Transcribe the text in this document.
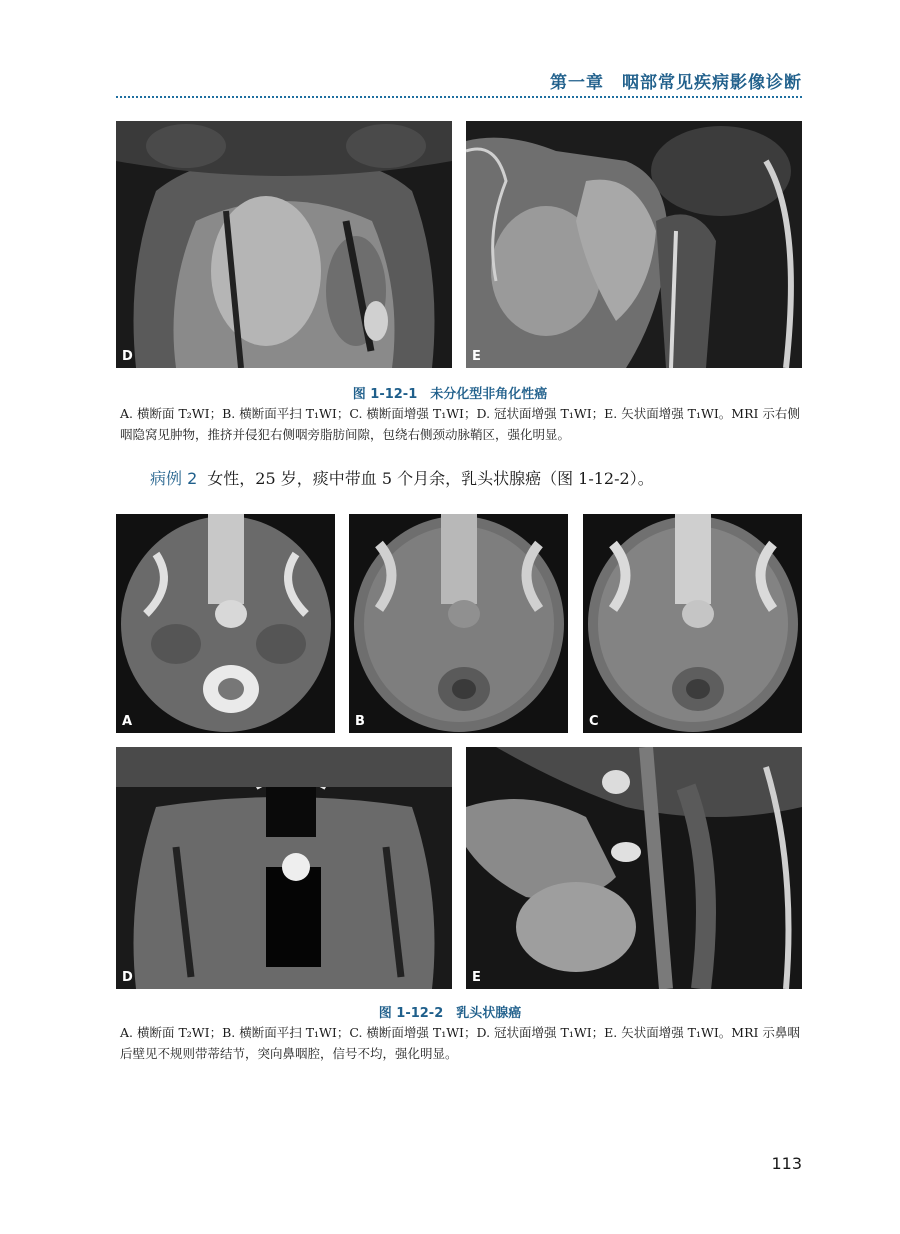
第一章　咽部常见疾病影像诊断
D	E
图 1-12-1　未分化型非角化性癌
A. 横断面 T₂WI；B. 横断面平扫 T₁WI；C. 横断面增强 T₁WI；D. 冠状面增强 T₁WI；E. 矢状面增强 T₁WI。MRI 示右侧咽隐窝见肿物，推挤并侵犯右侧咽旁脂肪间隙，包绕右侧颈动脉鞘区，强化明显。
病例 2 女性，25 岁，痰中带血 5 个月余，乳头状腺癌（图 1-12-2）。
A	B	C
D	E
图 1-12-2　乳头状腺癌
A. 横断面 T₂WI；B. 横断面平扫 T₁WI；C. 横断面增强 T₁WI；D. 冠状面增强 T₁WI；E. 矢状面增强 T₁WI。MRI 示鼻咽后壁见不规则带蒂结节，突向鼻咽腔，信号不均，强化明显。
113
